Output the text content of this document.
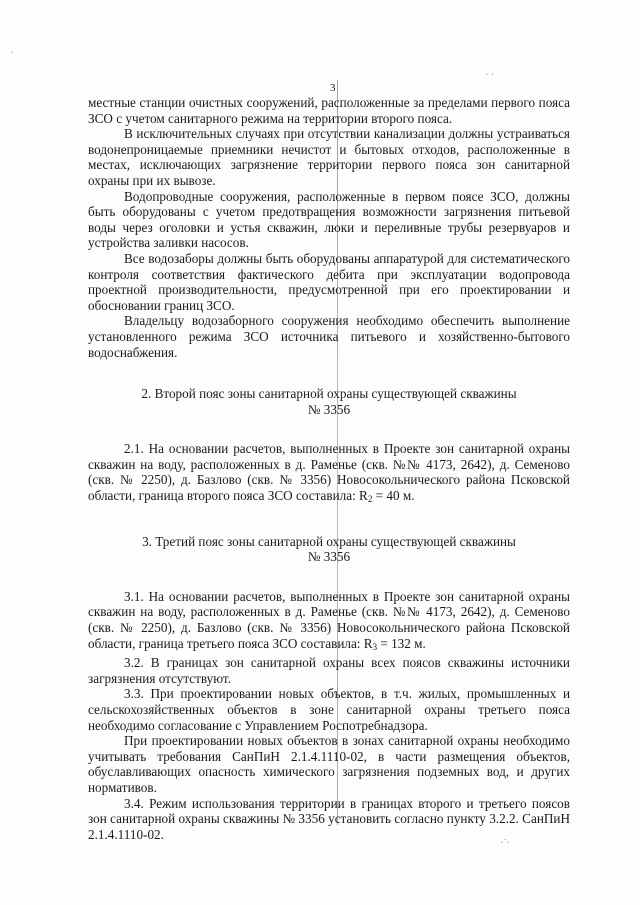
·
· ·
·˙·

3

местные станции очистных сооружений, расположенные за пределами первого пояса ЗСО с учетом санитарного режима на территории второго пояса.

В исключительных случаях при отсутствии канализации должны устраиваться водонепроницаемые приемники нечистот и бытовых отходов, расположенные в местах, исключающих загрязнение территории первого пояса зон санитарной охраны при их вывозе.

Водопроводные сооружения, расположенные в первом поясе ЗСО, должны быть оборудованы с учетом предотвращения возможности загрязнения питьевой воды через оголовки и устья скважин, люки и переливные трубы резервуаров и устройства заливки насосов.

Все водозаборы должны быть оборудованы аппаратурой для систематического контроля соответствия фактического дебита при эксплуатации водопровода проектной производительности, предусмотренной при его проектировании и обосновании границ ЗСО.

Владельцу водозаборного сооружения необходимо обеспечить выполнение установленного режима ЗСО источника питьевого и хозяйственно-бытового водоснабжения.

2. Второй пояс зоны санитарной охраны существующей скважины
№ 3356

2.1. На основании расчетов, выполненных в Проекте зон санитарной охраны скважин на воду, расположенных в д. Раменье (скв. №№ 4173, 2642), д. Семеново (скв. № 2250), д. Базлово (скв. № 3356) Новосокольнического района Псковской области, граница второго пояса ЗСО составила: $R_2 = 40$ м.

3. Третий пояс зоны санитарной охраны существующей скважины
№ 3356

3.1. На основании расчетов, выполненных в Проекте зон санитарной охраны скважин на воду, расположенных в д. Раменье (скв. №№ 4173, 2642), д. Семеново (скв. № 2250), д. Базлово (скв. № 3356) Новосокольнического района Псковской области, граница третьего пояса ЗСО составила: $R_3 = 132$ м.

3.2. В границах зон санитарной охраны всех поясов скважины источники загрязнения отсутствуют.

3.3. При проектировании новых объектов, в т.ч. жилых, промышленных и сельскохозяйственных объектов в зоне санитарной охраны третьего пояса необходимо согласование с Управлением Роспотребнадзора.

При проектировании новых объектов в зонах санитарной охраны необходимо учитывать требования СанПиН 2.1.4.1110-02, в части размещения объектов, обуславливающих опасность химического загрязнения подземных вод, и других нормативов.

3.4. Режим использования территории в границах второго и третьего поясов зон санитарной охраны скважины № 3356 установить согласно пункту 3.2.2. СанПиН 2.1.4.1110-02.
